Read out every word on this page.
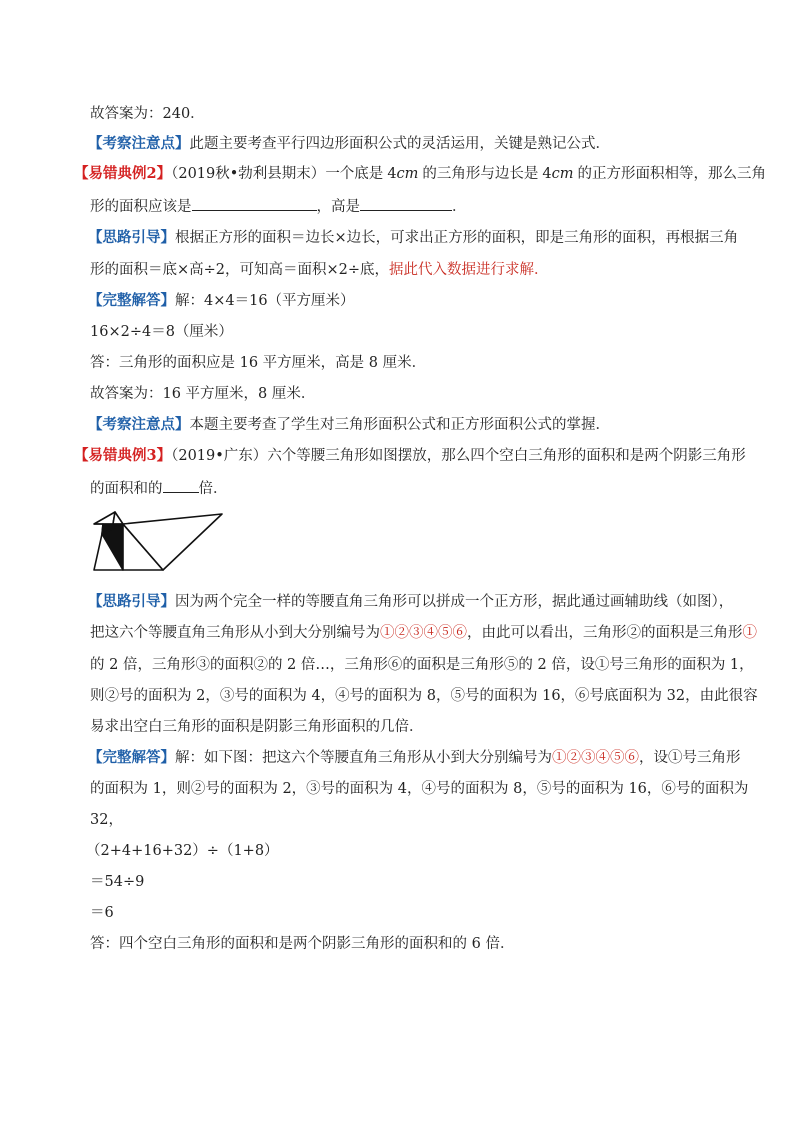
故答案为：240．
【考察注意点】此题主要考查平行四边形面积公式的灵活运用，关键是熟记公式．
【易错典例2】（2019秋•勃利县期末）一个底是 4cm 的三角形与边长是 4cm 的正方形面积相等，那么三角
形的面积应该是	，高是	．
【思路引导】根据正方形的面积＝边长×边长，可求出正方形的面积，即是三角形的面积，再根据三角
形的面积＝底×高÷2，可知高＝面积×2÷底，据此代入数据进行求解．
【完整解答】解：4×4＝16（平方厘米）
16×2÷4＝8（厘米）
答：三角形的面积应是 16 平方厘米，高是 8 厘米．
故答案为：16 平方厘米，8 厘米．
【考察注意点】本题主要考查了学生对三角形面积公式和正方形面积公式的掌握．
【易错典例3】（2019•广东）六个等腰三角形如图摆放，那么四个空白三角形的面积和是两个阴影三角形
的面积和的 倍．
【思路引导】因为两个完全一样的等腰直角三角形可以拼成一个正方形，据此通过画辅助线（如图），
把这六个等腰直角三角形从小到大分别编号为①②③④⑤⑥，由此可以看出，三角形②的面积是三角形①
的 2 倍，三角形③的面积②的 2 倍…，三角形⑥的面积是三角形⑤的 2 倍，设①号三角形的面积为 1，
则②号的面积为 2，③号的面积为 4，④号的面积为 8，⑤号的面积为 16，⑥号底面积为 32，由此很容
易求出空白三角形的面积是阴影三角形面积的几倍．
【完整解答】解：如下图：把这六个等腰直角三角形从小到大分别编号为①②③④⑤⑥，设①号三角形
的面积为 1，则②号的面积为 2，③号的面积为 4，④号的面积为 8，⑤号的面积为 16，⑥号的面积为
32，
（2+4+16+32）÷（1+8）
＝54÷9
＝6
答：四个空白三角形的面积和是两个阴影三角形的面积和的 6 倍．
